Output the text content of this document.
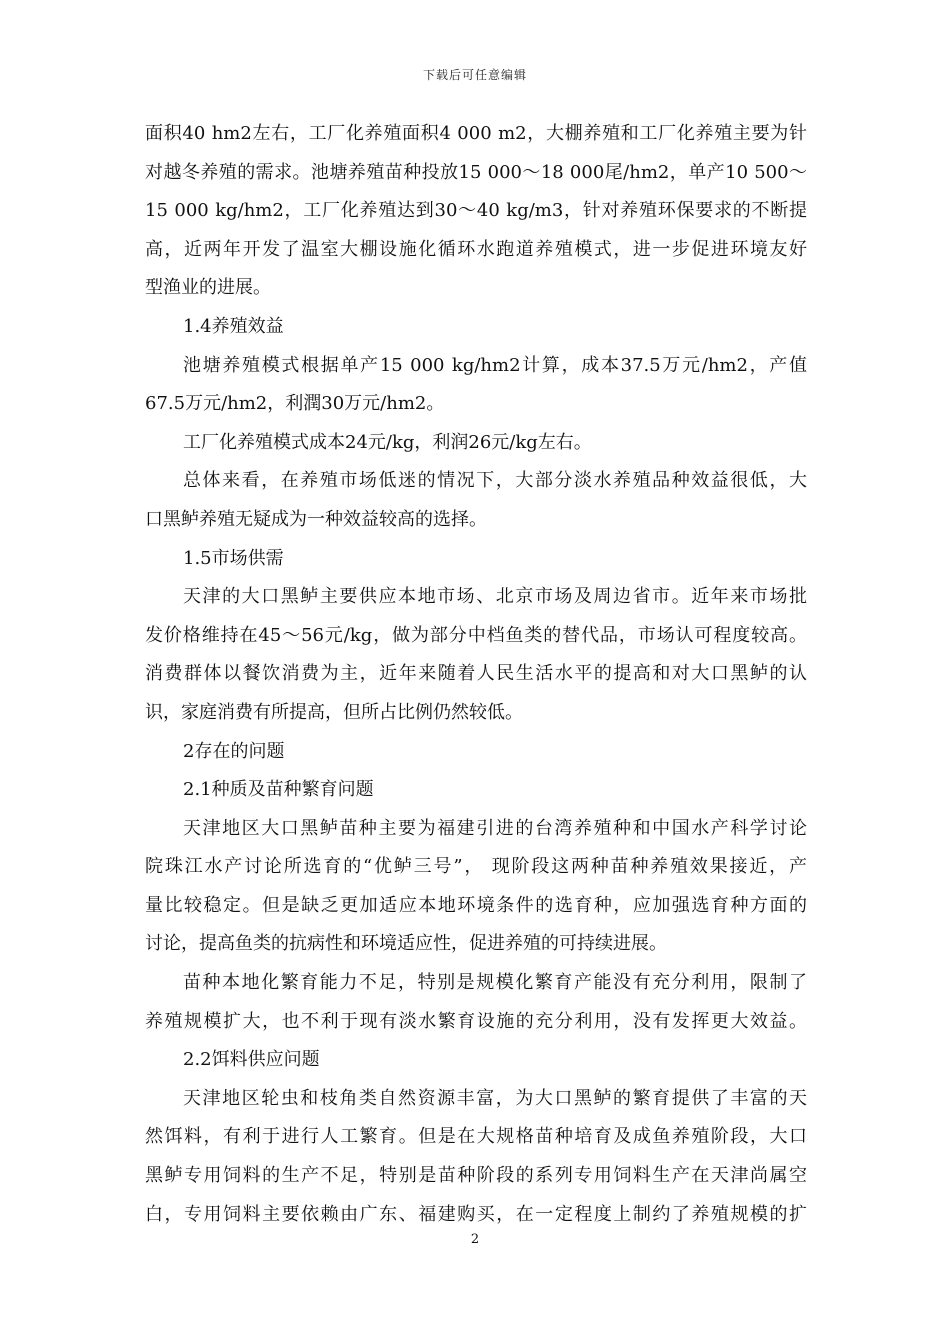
下载后可任意编辑
面积40 hm2左右，工厂化养殖面积4 000 m2，大棚养殖和工厂化养殖主要为针
对越冬养殖的需求。池塘养殖苗种投放15 000～18 000尾/hm2，单产10 500～
15 000 kg/hm2，工厂化养殖达到30～40 kg/m3，针对养殖环保要求的不断提
高，近两年开发了温室大棚设施化循环水跑道养殖模式，进一步促进环境友好
型渔业的进展。
1.4养殖效益
池塘养殖模式根据单产15 000 kg/hm2计算，成本37.5万元/hm2，产值
67.5万元/hm2，利潤30万元/hm2。
工厂化养殖模式成本24元/kg，利润26元/kg左右。
总体来看，在养殖市场低迷的情况下，大部分淡水养殖品种效益很低，大
口黑鲈养殖无疑成为一种效益较高的选择。
1.5市场供需
天津的大口黑鲈主要供应本地市场、北京市场及周边省市。近年来市场批
发价格维持在45～56元/kg，做为部分中档鱼类的替代品，市场认可程度较高。
消费群体以餐饮消费为主，近年来随着人民生活水平的提高和对大口黑鲈的认
识，家庭消费有所提高，但所占比例仍然较低。
2存在的问题
2.1种质及苗种繁育问题
天津地区大口黑鲈苗种主要为福建引进的台湾养殖种和中国水产科学讨论
院珠江水产讨论所选育的“优鲈三号”， 现阶段这两种苗种养殖效果接近，产
量比较稳定。但是缺乏更加适应本地环境条件的选育种，应加强选育种方面的
讨论，提高鱼类的抗病性和环境适应性，促进养殖的可持续进展。
苗种本地化繁育能力不足，特别是规模化繁育产能没有充分利用，限制了
养殖规模扩大，也不利于现有淡水繁育设施的充分利用，没有发挥更大效益。
2.2饵料供应问题
天津地区轮虫和枝角类自然资源丰富，为大口黑鲈的繁育提供了丰富的天
然饵料，有利于进行人工繁育。但是在大规格苗种培育及成鱼养殖阶段，大口
黑鲈专用饲料的生产不足，特别是苗种阶段的系列专用饲料生产在天津尚属空
白，专用饲料主要依赖由广东、福建购买，在一定程度上制约了养殖规模的扩
2
